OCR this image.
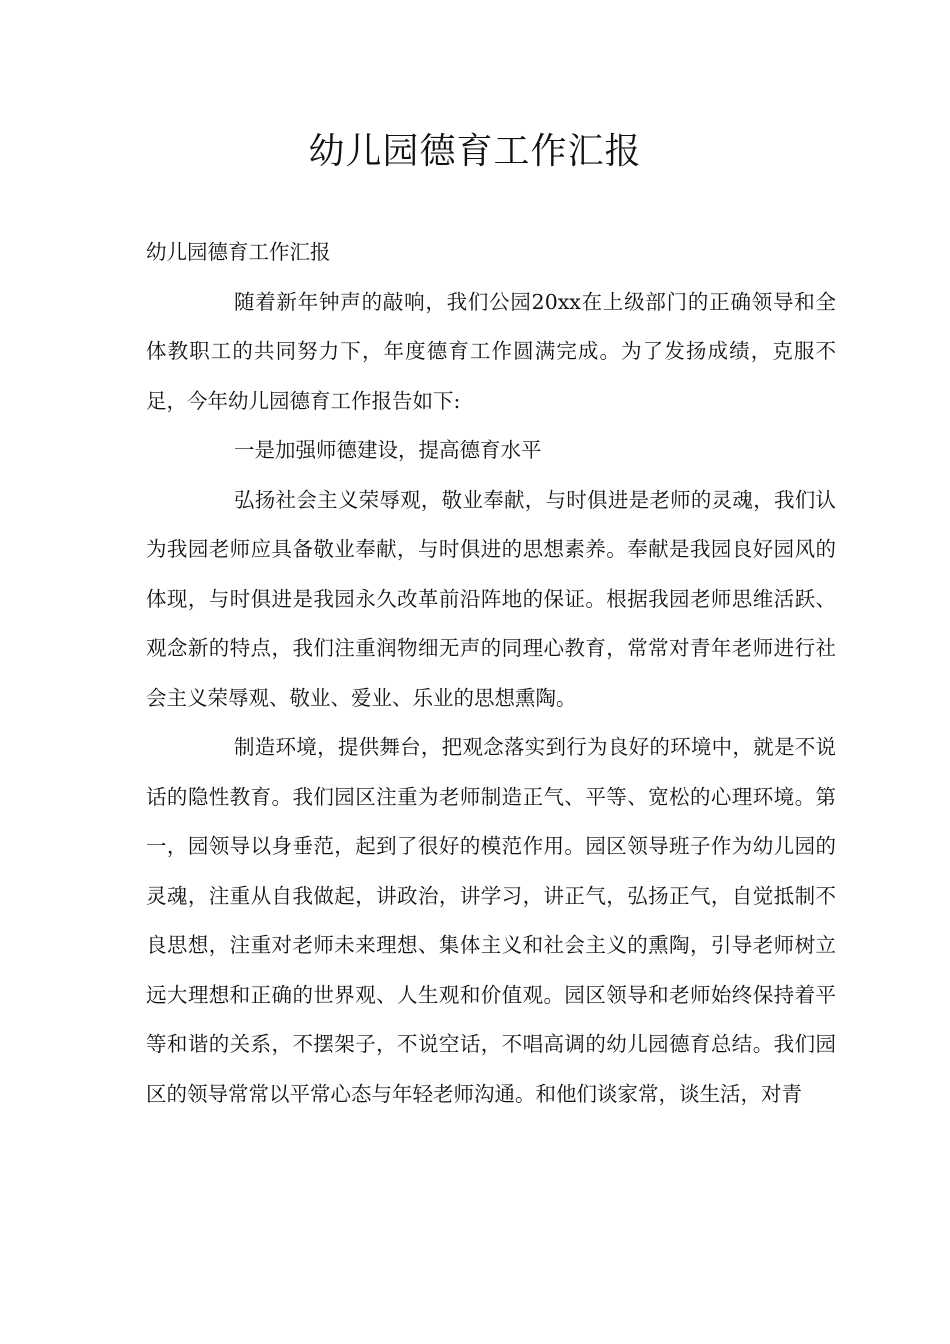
幼儿园德育工作汇报

幼儿园德育工作汇报

随着新年钟声的敲响，我们公园20xx在上级部门的正确领导和全体教职工的共同努力下，年度德育工作圆满完成。为了发扬成绩，克服不足，今年幼儿园德育工作报告如下:

一是加强师德建设，提高德育水平

弘扬社会主义荣辱观，敬业奉献，与时俱进是老师的灵魂，我们认为我园老师应具备敬业奉献，与时俱进的思想素养。奉献是我园良好园风的体现，与时俱进是我园永久改革前沿阵地的保证。根据我园老师思维活跃、观念新的特点，我们注重润物细无声的同理心教育，常常对青年老师进行社会主义荣辱观、敬业、爱业、乐业的思想熏陶。

制造环境，提供舞台，把观念落实到行为良好的环境中，就是不说话的隐性教育。我们园区注重为老师制造正气、平等、宽松的心理环境。第一，园领导以身垂范，起到了很好的模范作用。园区领导班子作为幼儿园的灵魂，注重从自我做起，讲政治，讲学习，讲正气，弘扬正气，自觉抵制不良思想，注重对老师未来理想、集体主义和社会主义的熏陶，引导老师树立远大理想和正确的世界观、人生观和价值观。园区领导和老师始终保持着平等和谐的关系，不摆架子，不说空话，不唱高调的幼儿园德育总结。我们园区的领导常常以平常心态与年轻老师沟通。和他们谈家常，谈生活，对青
